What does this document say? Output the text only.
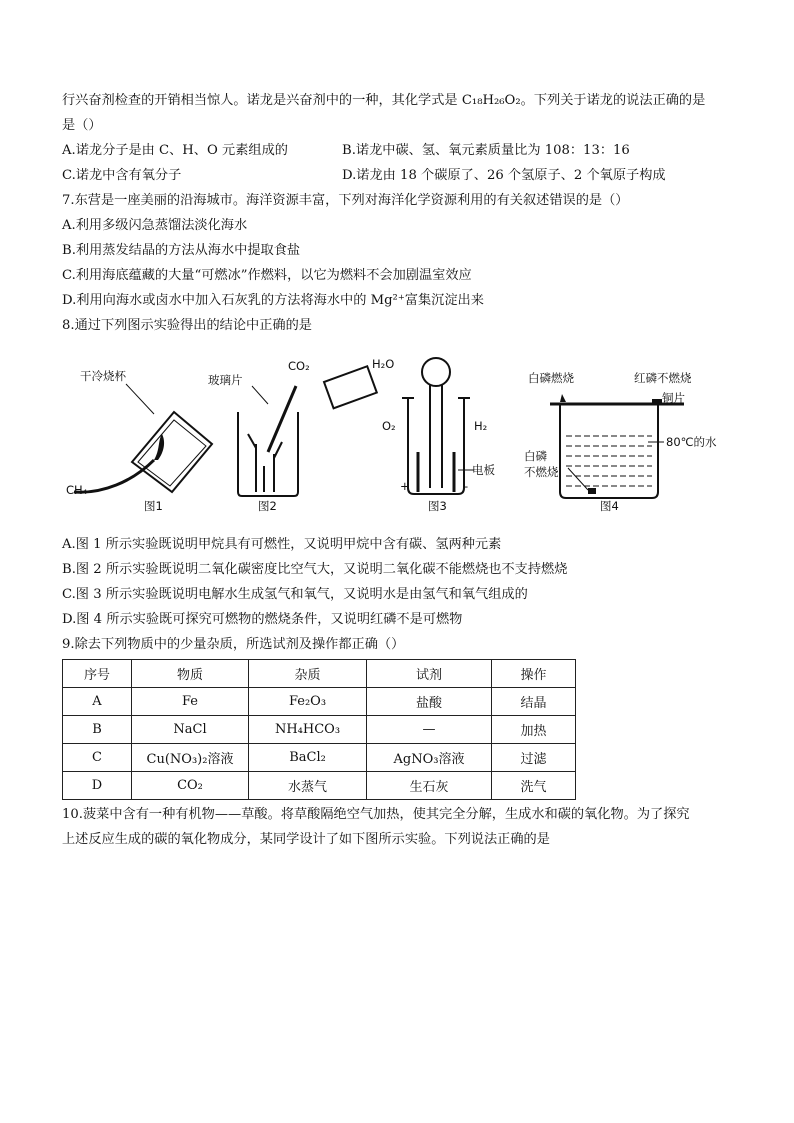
行兴奋剂检查的开销相当惊人。诺龙是兴奋剂中的一种，其化学式是 C₁₈H₂₆O₂。下列关于诺龙的说法正确的是
是（）
A.诺龙分子是由 C、H、O 元素组成的	B.诺龙中碳、氢、氧元素质量比为 108：13：16
C.诺龙中含有氧分子	D.诺龙由 18 个碳原了、26 个氢原子、2 个氧原子构成
7.东营是一座美丽的沿海城市。海洋资源丰富，下列对海洋化学资源利用的有关叙述错误的是（）
A.利用多级闪急蒸馏法淡化海水
B.利用蒸发结晶的方法从海水中提取食盐
C.利用海底蕴藏的大量“可燃冰”作燃料，以它为燃料不会加剧温室效应
D.利用向海水或卤水中加入石灰乳的方法将海水中的 Mg²⁺富集沉淀出来
8.通过下列图示实验得出的结论中正确的是
干冷烧杯
CH₄
图1
玻璃片
CO₂
图2
H₂O
O₂	H₂
电板
+	-
图3
白磷燃烧	红磷不燃烧
铜片
80℃的水
白磷
不燃烧
图4
A.图 1 所示实验既说明甲烷具有可燃性，又说明甲烷中含有碳、氢两种元素
B.图 2 所示实验既说明二氧化碳密度比空气大，又说明二氧化碳不能燃烧也不支持燃烧
C.图 3 所示实验既说明电解水生成氢气和氧气，又说明水是由氢气和氧气组成的
D.图 4 所示实验既可探究可燃物的燃烧条件，又说明红磷不是可燃物
9.除去下列物质中的少量杂质，所选试剂及操作都正确（）
序号	物质	杂质	试剂	操作
A	Fe	Fe₂O₃	盐酸	结晶
B	NaCl	NH₄HCO₃	—	加热
C	Cu(NO₃)₂溶液	BaCl₂	AgNO₃溶液	过滤
D	CO₂	水蒸气	生石灰	洗气
10.菠菜中含有一种有机物——草酸。将草酸隔绝空气加热，使其完全分解，生成水和碳的氧化物。为了探究
上述反应生成的碳的氧化物成分，某同学设计了如下图所示实验。下列说法正确的是
